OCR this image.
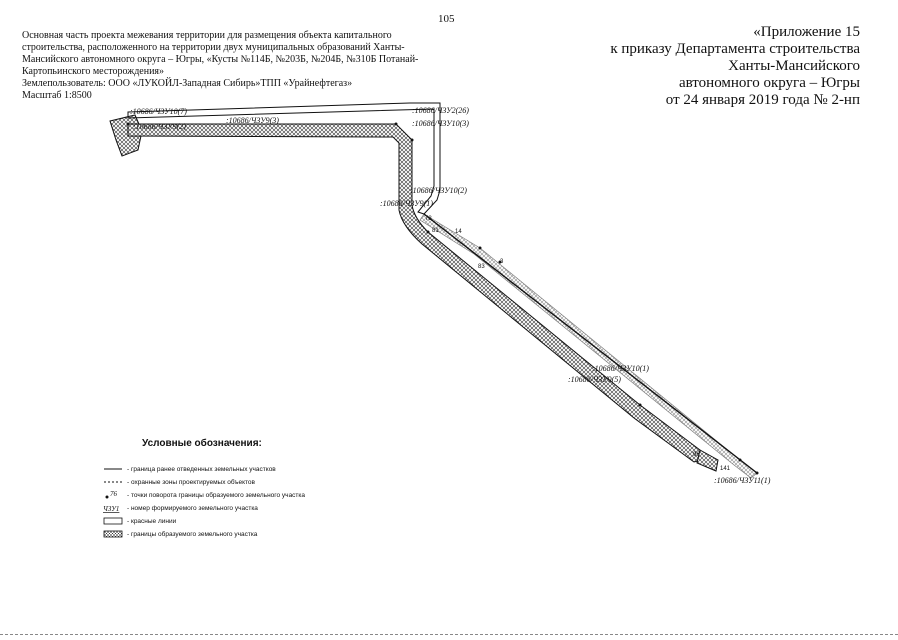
105
Основная часть проекта межевания территории для размещения объекта капитального
строительства, расположенного на территории двух муниципальных образований Ханты-
Мансийского автономного округа – Югры, «Кусты №114Б, №203Б, №204Б, №310Б Потанай-
Картопьинского месторождения»
Землепользователь: ООО «ЛУКОЙЛ-Западная Сибирь»ТПП «Урайнефтегаз»
Масштаб 1:8500
«Приложение 15
к приказу Департамента строительства
Ханты-Мансийского
автономного округа – Югры
от 24 января 2019 года № 2-нп
:10686/ЧЗУ10(7)
:10686/ЧЗУ9(2)
:10686/ЧЗУ9(3)
:10686/ЧЗУ2(26)
:10686/ЧЗУ10(3)
:10686/ЧЗУ10(2)
:10686/ЧЗУ9(1)
:10686/ЧЗУ10(1)
:10686/ЧЗУ9(5)
:10686/ЧЗУ11(1)
78
81	14
83
3
96
141
Условные обозначения:
- граница ранее отведенных земельных участков
- охранные зоны проектируемых объектов
76 - точки поворота границы образуемого земельного участка
ЧЗУ1 - номер формируемого земельного участка
- красные линии
- границы образуемого земельного участка
